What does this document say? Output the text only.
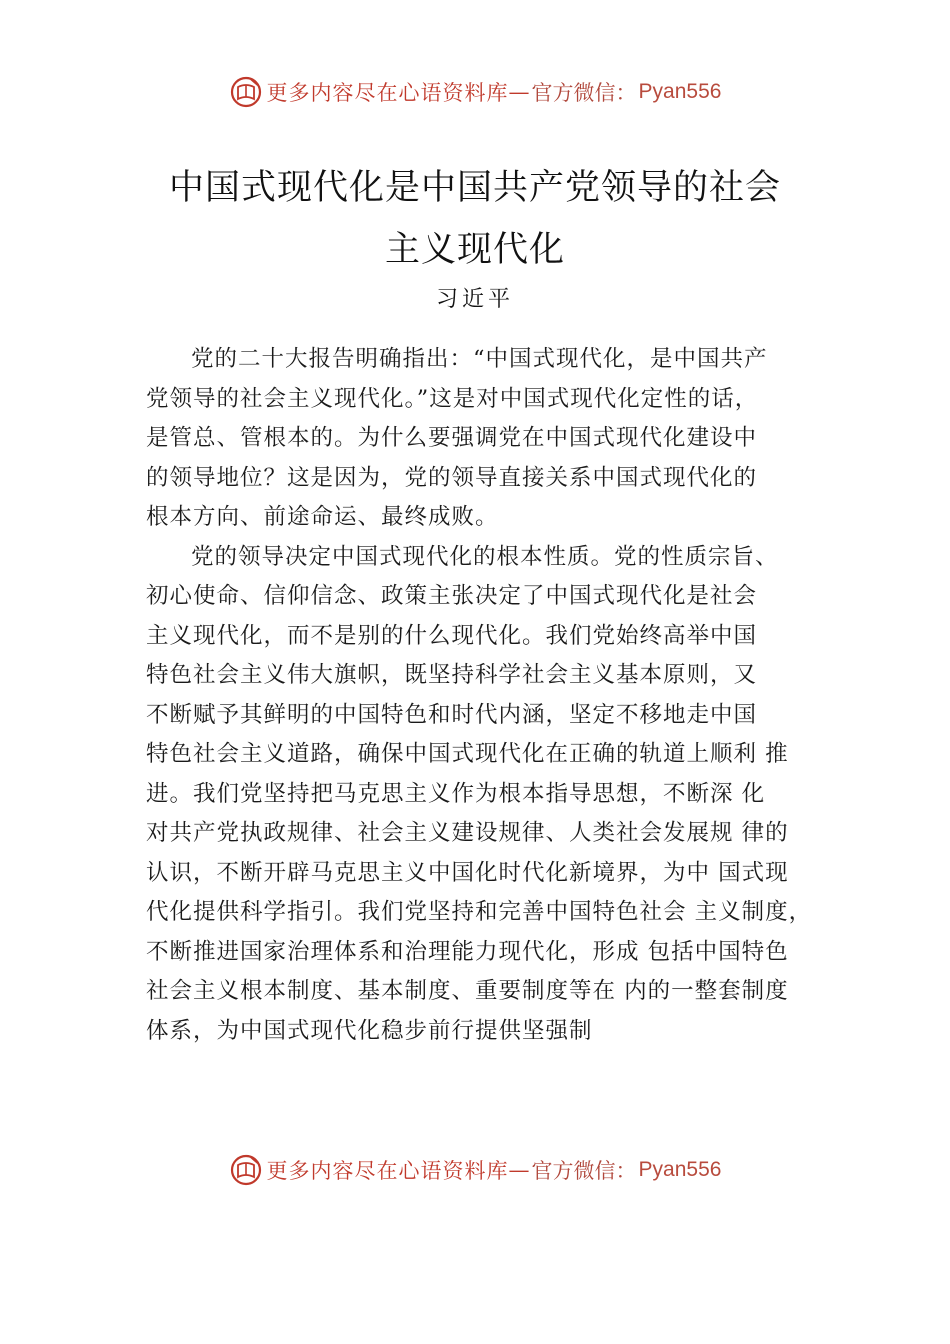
更多内容尽在心语资料库 — 官方微信： Pyan556
中国式现代化是中国共产党领导的社会
主义现代化
习近平
党的二十大报告明确指出：“中国式现代化，是中国共产
党领导的社会主义现代化。”这是对中国式现代化定性的话，
是管总、管根本的。为什么要强调党在中国式现代化建设中
的领导地位？这是因为，党的领导直接关系中国式现代化的
根本方向、前途命运、最终成败。
党的领导决定中国式现代化的根本性质。党的性质宗旨、
初心使命、信仰信念、政策主张决定了中国式现代化是社会
主义现代化，而不是别的什么现代化。我们党始终高举中国
特色社会主义伟大旗帜，既坚持科学社会主义基本原则，又
不断赋予其鲜明的中国特色和时代内涵，坚定不移地走中国
特色社会主义道路，确保中国式现代化在正确的轨道上顺利 推
进。我们党坚持把马克思主义作为根本指导思想，不断深 化
对共产党执政规律、社会主义建设规律、人类社会发展规 律的
认识，不断开辟马克思主义中国化时代化新境界，为中 国式现
代化提供科学指引。我们党坚持和完善中国特色社会 主义制度，
不断推进国家治理体系和治理能力现代化，形成 包括中国特色
社会主义根本制度、基本制度、重要制度等在 内的一整套制度
体系，为中国式现代化稳步前行提供坚强制
更多内容尽在心语资料库 — 官方微信： Pyan556
